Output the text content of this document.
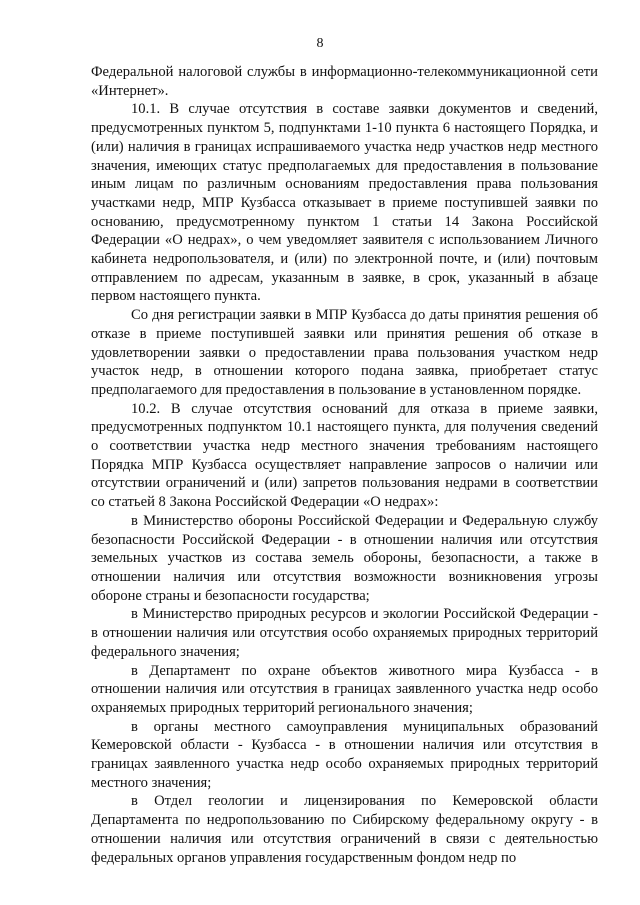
8

Федеральной налоговой службы в информационно-телекоммуникационной сети «Интернет».

10.1. В случае отсутствия в составе заявки документов и сведений, предусмотренных пунктом 5, подпунктами 1-10 пункта 6 настоящего Порядка, и (или) наличия в границах испрашиваемого участка недр участков недр местного значения, имеющих статус предполагаемых для предоставления в пользование иным лицам по различным основаниям предоставления права пользования участками недр, МПР Кузбасса отказывает в приеме поступившей заявки по основанию, предусмотренному пунктом 1 статьи 14 Закона Российской Федерации «О недрах», о чем уведомляет заявителя с использованием Личного кабинета недропользователя, и (или) по электронной почте, и (или) почтовым отправлением по адресам, указанным в заявке, в срок, указанный в абзаце первом настоящего пункта.

Со дня регистрации заявки в МПР Кузбасса до даты принятия решения об отказе в приеме поступившей заявки или принятия решения об отказе в удовлетворении заявки о предоставлении права пользования участком недр участок недр, в отношении которого подана заявка, приобретает статус предполагаемого для предоставления в пользование в установленном порядке.

10.2. В случае отсутствия оснований для отказа в приеме заявки, предусмотренных подпунктом 10.1 настоящего пункта, для получения сведений о соответствии участка недр местного значения требованиям настоящего Порядка МПР Кузбасса осуществляет направление запросов о наличии или отсутствии ограничений и (или) запретов пользования недрами в соответствии со статьей 8 Закона Российской Федерации «О недрах»:

в Министерство обороны Российской Федерации и Федеральную службу безопасности Российской Федерации - в отношении наличия или отсутствия земельных участков из состава земель обороны, безопасности, а также в отношении наличия или отсутствия возможности возникновения угрозы обороне страны и безопасности государства;

в Министерство природных ресурсов и экологии Российской Федерации - в отношении наличия или отсутствия особо охраняемых природных территорий федерального значения;

в Департамент по охране объектов животного мира Кузбасса - в отношении наличия или отсутствия в границах заявленного участка недр особо охраняемых природных территорий регионального значения;

в органы местного самоуправления муниципальных образований Кемеровской области - Кузбасса - в отношении наличия или отсутствия в границах заявленного участка недр особо охраняемых природных территорий местного значения;

в Отдел геологии и лицензирования по Кемеровской области Департамента по недропользованию по Сибирскому федеральному округу - в отношении наличия или отсутствия ограничений в связи с деятельностью федеральных органов управления государственным фондом недр по
